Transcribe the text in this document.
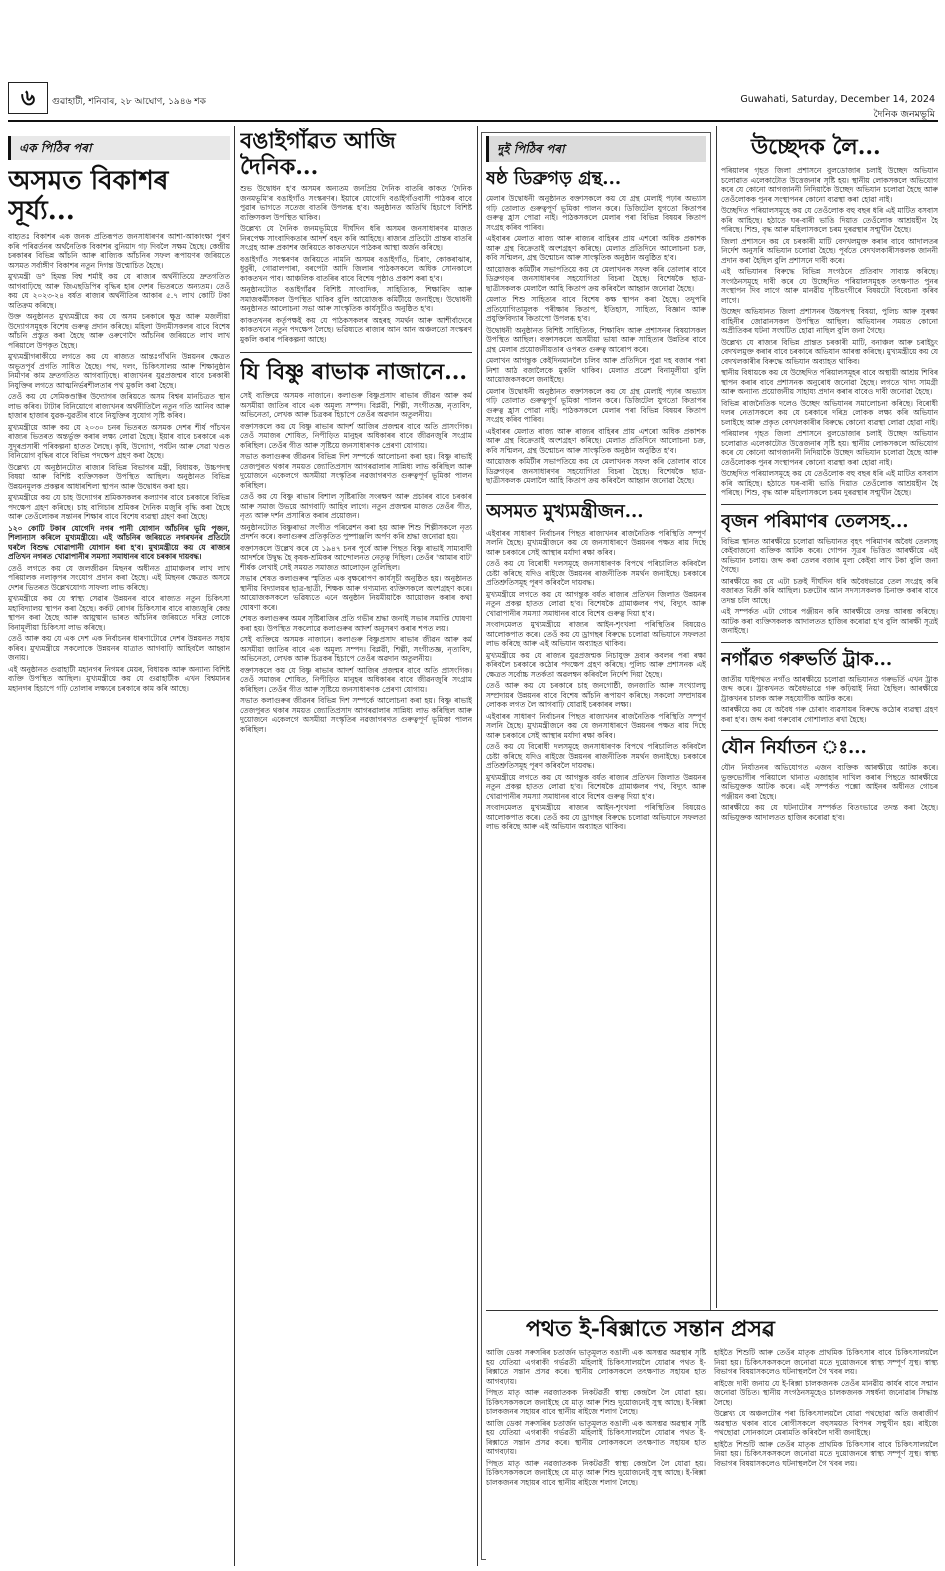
৬	গুৱাহাটী, শনিবাৰ, ২৮ আঘোণ, ১৯৪৬ শক	Guwahati, Saturday, December 14, 2024
দৈনিক জনমভূমি
এক পিঠিৰ পৰা
অসমত বিকাশৰ সূৰ্য্য...

বাহ্যতঃ বিকাশৰ এক জনক প্ৰতিৰূপত জনসাধাৰণৰ আশা-আকাংক্ষা পূৰণ কৰি পৰিৱৰ্তনৰ অৰ্থনৈতিক বিকাশৰ বুনিয়াদ গঢ় দিবলৈ সক্ষম হৈছে। কেন্দ্ৰীয় চৰকাৰৰ বিভিন্ন আঁচনি আৰু ৰাজ্যিক আঁচনিৰ সফল ৰূপায়ণৰ জৰিয়তে অসমত সৰ্বাঙ্গীণ বিকাশৰ নতুন দিগন্ত উন্মোচিত হৈছে।

মুখ্যমন্ত্ৰী ড° হিমন্ত বিশ্ব শৰ্মাই কয় যে ৰাজ্যৰ অৰ্থনীতিয়ে দ্ৰুতগতিত আগবাঢ়িছে আৰু জিএছডিপিৰ বৃদ্ধিৰ হাৰ দেশৰ ভিতৰতে অন্যতম। তেওঁ কয় যে ২০২৩-২৪ বৰ্ষত ৰাজ্যৰ অৰ্থনীতিৰ আকাৰ ৫.৭ লাখ কোটি টকা অতিক্ৰম কৰিছে।

উক্ত অনুষ্ঠানত মুখ্যমন্ত্ৰীয়ে কয় যে অসম চৰকাৰে ক্ষুদ্ৰ আৰু মজলীয়া উদ্যোগসমূহক বিশেষ গুৰুত্ব প্ৰদান কৰিছে। মহিলা উদ্যমীসকলৰ বাবে বিশেষ আঁচনি প্ৰস্তুত কৰা হৈছে আৰু ওৰুণোদৈ আঁচনিৰ জৰিয়তে লাখ লাখ পৰিয়ালে উপকৃত হৈছে।

মুখ্যমন্ত্ৰীগৰাকীয়ে লগতে কয় যে ৰাজ্যত আন্তঃগাঁথনি উন্নয়নৰ ক্ষেত্ৰত অভূতপূৰ্ব প্ৰগতি সাধিত হৈছে। পথ, দলং, চিকিৎসালয় আৰু শিক্ষানুষ্ঠান নিৰ্মাণৰ কাম দ্ৰুতগতিত আগবাঢ়িছে। ৰাজ্যখনৰ যুৱপ্ৰজন্মৰ বাবে চৰকাৰী নিযুক্তিৰ লগতে আত্মনিৰ্ভৰশীলতাৰ পথ মুকলি কৰা হৈছে।

তেওঁ কয় যে সেমিকণ্ডাক্টৰ উদ্যোগৰ জৰিয়তে অসম বিশ্বৰ মানচিত্ৰত স্থান লাভ কৰিব। টাটাৰ বিনিয়োগে ৰাজ্যখনৰ অৰ্থনীতিলৈ নতুন গতি আনিব আৰু হাজাৰ হাজাৰ যুৱক-যুৱতীৰ বাবে নিযুক্তিৰ সুযোগ সৃষ্টি কৰিব।

মুখ্যমন্ত্ৰীয়ে আৰু কয় যে ২০৩০ চনৰ ভিতৰত অসমক দেশৰ শীৰ্ষ পাঁচখন ৰাজ্যৰ ভিতৰত অন্তৰ্ভুক্ত কৰাৰ লক্ষ্য লোৱা হৈছে। ইয়াৰ বাবে চৰকাৰে এক সুদূৰপ্ৰসাৰী পৰিকল্পনা হাতত লৈছে। কৃষি, উদ্যোগ, পৰ্যটন আৰু সেৱা খণ্ডত বিনিয়োগ বৃদ্ধিৰ বাবে বিভিন্ন পদক্ষেপ গ্ৰহণ কৰা হৈছে।

উল্লেখ্য যে অনুষ্ঠানটোত ৰাজ্যৰ বিভিন্ন বিভাগৰ মন্ত্ৰী, বিধায়ক, উচ্চপদস্থ বিষয়া আৰু বিশিষ্ট ব্যক্তিসকল উপস্থিত আছিল। অনুষ্ঠানত বিভিন্ন উন্নয়নমূলক প্ৰকল্পৰ আধাৰশিলা স্থাপন আৰু উদ্বোধন কৰা হয়।

মুখ্যমন্ত্ৰীয়ে কয় যে চাহ উদ্যোগৰ শ্ৰমিকসকলৰ কল্যাণৰ বাবে চৰকাৰে বিভিন্ন পদক্ষেপ গ্ৰহণ কৰিছে। চাহ বাগিচাৰ শ্ৰমিকৰ দৈনিক মজুৰি বৃদ্ধি কৰা হৈছে আৰু তেওঁলোকৰ সন্তানৰ শিক্ষাৰ বাবে বিশেষ ব্যৱস্থা গ্ৰহণ কৰা হৈছে।

১২০ কোটি টকাৰ যোগেদি নগৰ পানী যোগান আঁচনিৰ ভূমি পূজন, শিলান্যাস কৰিলে মুখ্যমন্ত্ৰীয়ে। এই আঁচনিৰ জৰিয়তে নগৰখনৰ প্ৰতিটো ঘৰলৈ বিশুদ্ধ খোৱাপানী যোগান ধৰা হ'ব। মুখ্যমন্ত্ৰীয়ে কয় যে ৰাজ্যৰ প্ৰতিখন নগৰত খোৱাপানীৰ সমস্যা সমাধানৰ বাবে চৰকাৰ দায়বদ্ধ।

তেওঁ লগতে কয় যে জলজীৱন মিছনৰ অধীনত গ্ৰামাঞ্চলৰ লাখ লাখ পৰিয়ালক নলাকৃপৰ সংযোগ প্ৰদান কৰা হৈছে। এই মিছনৰ ক্ষেত্ৰত অসমে দেশৰ ভিতৰত উল্লেখযোগ্য সাফল্য লাভ কৰিছে।

মুখ্যমন্ত্ৰীয়ে কয় যে স্বাস্থ্য সেৱাৰ উন্নয়নৰ বাবে ৰাজ্যত নতুন চিকিৎসা মহাবিদ্যালয় স্থাপন কৰা হৈছে। কৰ্কট ৰোগৰ চিকিৎসাৰ বাবে ৰাজ্যজুৰি কেন্দ্ৰ স্থাপন কৰা হৈছে আৰু আয়ুষ্মান ভাৰত আঁচনিৰ জৰিয়তে দৰিদ্ৰ লোকে বিনামূলীয়া চিকিৎসা লাভ কৰিছে।

তেওঁ আৰু কয় যে এক দেশ এক নিৰ্বাচনৰ ধাৰণাটোৱে দেশৰ উন্নয়নত সহায় কৰিব। মুখ্যমন্ত্ৰীয়ে সকলোকে উন্নয়নৰ যাত্ৰাত আগবাঢ়ি আহিবলৈ আহ্বান জনায়।

এই অনুষ্ঠানত গুৱাহাটী মহানগৰ নিগমৰ মেয়ৰ, বিধায়ক আৰু অন্যান্য বিশিষ্ট ব্যক্তি উপস্থিত আছিল। মুখ্যমন্ত্ৰীয়ে কয় যে গুৱাহাটীক এখন বিশ্বমানৰ মহানগৰ হিচাপে গঢ়ি তোলাৰ লক্ষ্যৰে চৰকাৰে কাম কৰি আছে।

বঙাইগাঁৱত আজি দৈনিক...

শুভ উদ্বোধন হ'ব অসমৰ অন্যতম জনপ্ৰিয় দৈনিক বাতৰি কাকত 'দৈনিক জনমভূমি'ৰ বঙাইগাঁও সংস্কৰণৰ। ইয়াৰে যোগেদি বঙাইগাঁওবাসী পাঠকৰ বাবে পুৱাৰ ভাগতে সতেজ বাতৰি উপলব্ধ হ'ব। অনুষ্ঠানত অতিথি হিচাপে বিশিষ্ট ব্যক্তিসকল উপস্থিত থাকিব।

উল্লেখ্য যে দৈনিক জনমভূমিয়ে দীৰ্ঘদিন ধৰি অসমৰ জনসাধাৰণৰ মাজত নিৰপেক্ষ সাংবাদিকতাৰ আদৰ্শ বহন কৰি আহিছে। ৰাজ্যৰ প্ৰতিটো প্ৰান্তৰ বাতৰি সংগ্ৰহ আৰু প্ৰকাশৰ জৰিয়তে কাকতখনে পাঠকৰ আস্থা অৰ্জন কৰিছে।

বঙাইগাঁও সংস্কৰণৰ জৰিয়তে নামনি অসমৰ বঙাইগাঁও, চিৰাং, কোকৰাঝাৰ, ধুবুৰী, গোৱালপাৰা, বৰপেটা আদি জিলাৰ পাঠকসকলে অধিক সোনকালে কাকতখন পাব। আঞ্চলিক বাতৰিৰ বাবে বিশেষ পৃষ্ঠাও প্ৰকাশ কৰা হ'ব।

অনুষ্ঠানটোত বঙাইগাঁৱৰ বিশিষ্ট সাংবাদিক, সাহিত্যিক, শিক্ষাবিদ আৰু সমাজকৰ্মীসকল উপস্থিত থাকিব বুলি আয়োজক কমিটীয়ে জনাইছে। উদ্বোধনী অনুষ্ঠানত আলোচনা সভা আৰু সাংস্কৃতিক কাৰ্যসূচীও অনুষ্ঠিত হ'ব।

কাকতখনৰ কৰ্তৃপক্ষই কয় যে পাঠকসকলৰ অহৰহ সমৰ্থন আৰু আশীৰ্বাদেৰে কাকতখনে নতুন পদক্ষেপ লৈছে। ভৱিষ্যতে ৰাজ্যৰ আন আন অঞ্চলতো সংস্কৰণ মুকলি কৰাৰ পৰিকল্পনা আছে।

যি বিষ্ণু ৰাভাক নাজানে...

সেই ব্যক্তিয়ে অসমক নাজানে। কলাগুৰু বিষ্ণুপ্ৰসাদ ৰাভাৰ জীৱন আৰু কৰ্ম অসমীয়া জাতিৰ বাবে এক অমূল্য সম্পদ। বিপ্লৱী, শিল্পী, সংগীতজ্ঞ, নৃত্যবিদ, অভিনেতা, লেখক আৰু চিত্ৰকৰ হিচাপে তেওঁৰ অৱদান অতুলনীয়।

বক্তাসকলে কয় যে বিষ্ণু ৰাভাৰ আদৰ্শ আজিৰ প্ৰজন্মৰ বাবে অতি প্ৰাসংগিক। তেওঁ সমাজৰ শোষিত, নিপীড়িত মানুহৰ অধিকাৰৰ বাবে জীৱনজুৰি সংগ্ৰাম কৰিছিল। তেওঁৰ গীত আৰু সৃষ্টিয়ে জনসাধাৰণক প্ৰেৰণা যোগায়।

সভাত কলাগুৰুৰ জীৱনৰ বিভিন্ন দিশ সম্পৰ্কে আলোচনা কৰা হয়। বিষ্ণু ৰাভাই তেজপুৰত থকাৰ সময়ত জ্যোতিপ্ৰসাদ আগৰৱালাৰ সান্নিধ্য লাভ কৰিছিল আৰু দুয়োজনে একেলগে অসমীয়া সংস্কৃতিৰ নৱজাগৰণত গুৰুত্বপূৰ্ণ ভূমিকা পালন কৰিছিল।

তেওঁ কয় যে বিষ্ণু ৰাভাৰ বিশাল সৃষ্টিৰাজি সংৰক্ষণ আৰু প্ৰচাৰৰ বাবে চৰকাৰ আৰু সমাজ উভয়ে আগবাঢ়ি আহিব লাগে। নতুন প্ৰজন্মৰ মাজত তেওঁৰ গীত, নৃত্য আৰু দৰ্শন প্ৰসাৰিত কৰাৰ প্ৰয়োজন।

অনুষ্ঠানটোত বিষ্ণুৰাভা সংগীত পৰিৱেশন কৰা হয় আৰু শিশু শিল্পীসকলে নৃত্য প্ৰদৰ্শন কৰে। কলাগুৰুৰ প্ৰতিকৃতিত পুষ্পাঞ্জলি অৰ্পণ কৰি শ্ৰদ্ধা জনোৱা হয়।

বক্তাসকলে উল্লেখ কৰে যে ১৯৪৭ চনৰ পূৰ্বে আৰু পিছত বিষ্ণু ৰাভাই সাম্যবাদী আদৰ্শৰে উদ্বুদ্ধ হৈ কৃষক-শ্ৰমিকৰ আন্দোলনত নেতৃত্ব দিছিল। তেওঁৰ 'আমাৰ বাট' শীৰ্ষক লেখাই সেই সময়ত সমাজত আলোড়ন তুলিছিল।

সভাৰ শেষত কলাগুৰুৰ স্মৃতিত এক বৃক্ষৰোপণ কাৰ্যসূচী অনুষ্ঠিত হয়। অনুষ্ঠানত স্থানীয় বিদ্যালয়ৰ ছাত্ৰ-ছাত্ৰী, শিক্ষক আৰু গণ্যমান্য ব্যক্তিসকলে অংশগ্ৰহণ কৰে। আয়োজকসকলে ভৱিষ্যতে এনে অনুষ্ঠান নিয়মীয়াকৈ আয়োজন কৰাৰ কথা ঘোষণা কৰে।

শেষত কলাগুৰুৰ অমৰ সৃষ্টিৰাজিৰ প্ৰতি গভীৰ শ্ৰদ্ধা জনাই সভাৰ সমাপ্তি ঘোষণা কৰা হয়। উপস্থিত সকলোৱে কলাগুৰুৰ আদৰ্শ অনুসৰণ কৰাৰ শপত লয়।

সেই ব্যক্তিয়ে অসমক নাজানে। কলাগুৰু বিষ্ণুপ্ৰসাদ ৰাভাৰ জীৱন আৰু কৰ্ম অসমীয়া জাতিৰ বাবে এক অমূল্য সম্পদ। বিপ্লৱী, শিল্পী, সংগীতজ্ঞ, নৃত্যবিদ, অভিনেতা, লেখক আৰু চিত্ৰকৰ হিচাপে তেওঁৰ অৱদান অতুলনীয়।

বক্তাসকলে কয় যে বিষ্ণু ৰাভাৰ আদৰ্শ আজিৰ প্ৰজন্মৰ বাবে অতি প্ৰাসংগিক। তেওঁ সমাজৰ শোষিত, নিপীড়িত মানুহৰ অধিকাৰৰ বাবে জীৱনজুৰি সংগ্ৰাম কৰিছিল। তেওঁৰ গীত আৰু সৃষ্টিয়ে জনসাধাৰণক প্ৰেৰণা যোগায়।

সভাত কলাগুৰুৰ জীৱনৰ বিভিন্ন দিশ সম্পৰ্কে আলোচনা কৰা হয়। বিষ্ণু ৰাভাই তেজপুৰত থকাৰ সময়ত জ্যোতিপ্ৰসাদ আগৰৱালাৰ সান্নিধ্য লাভ কৰিছিল আৰু দুয়োজনে একেলগে অসমীয়া সংস্কৃতিৰ নৱজাগৰণত গুৰুত্বপূৰ্ণ ভূমিকা পালন কৰিছিল।

দুই পিঠিৰ পৰা
ষষ্ঠ ডিব্ৰুগড় গ্ৰন্থ...

মেলাৰ উদ্বোধনী অনুষ্ঠানত বক্তাসকলে কয় যে গ্ৰন্থ মেলাই পঢ়াৰ অভ্যাস গঢ়ি তোলাত গুৰুত্বপূৰ্ণ ভূমিকা পালন কৰে। ডিজিটেল যুগতো কিতাপৰ গুৰুত্ব হ্ৰাস পোৱা নাই। পাঠকসকলে মেলাৰ পৰা বিভিন্ন বিষয়ৰ কিতাপ সংগ্ৰহ কৰিব পাৰিব।

এইবাৰৰ মেলাত ৰাজ্য আৰু ৰাজ্যৰ বাহিৰৰ প্ৰায় এশৰো অধিক প্ৰকাশক আৰু গ্ৰন্থ বিক্ৰেতাই অংশগ্ৰহণ কৰিছে। মেলাত প্ৰতিদিনে আলোচনা চক্ৰ, কবি সন্মিলন, গ্ৰন্থ উন্মোচন আৰু সাংস্কৃতিক অনুষ্ঠান অনুষ্ঠিত হ'ব।

আয়োজক কমিটীৰ সভাপতিয়ে কয় যে মেলাখনক সফল কৰি তোলাৰ বাবে ডিব্ৰুগড়ৰ জনসাধাৰণৰ সহযোগিতা বিচৰা হৈছে। বিশেষকৈ ছাত্ৰ-ছাত্ৰীসকলক মেলালৈ আহি কিতাপ ক্ৰয় কৰিবলৈ আহ্বান জনোৱা হৈছে।

মেলাত শিশু সাহিত্যৰ বাবে বিশেষ কক্ষ স্থাপন কৰা হৈছে। তদুপৰি প্ৰতিযোগিতামূলক পৰীক্ষাৰ কিতাপ, ইতিহাস, সাহিত্য, বিজ্ঞান আৰু প্ৰযুক্তিবিদ্যাৰ কিতাপো উপলব্ধ হ'ব।

উদ্বোধনী অনুষ্ঠানত বিশিষ্ট সাহিত্যিক, শিক্ষাবিদ আৰু প্ৰশাসনৰ বিষয়াসকল উপস্থিত আছিল। বক্তাসকলে অসমীয়া ভাষা আৰু সাহিত্যৰ উন্নতিৰ বাবে গ্ৰন্থ মেলাৰ প্ৰয়োজনীয়তাৰ ওপৰত গুৰুত্ব আৰোপ কৰে।

মেলাখন আগন্তুক কেইদিনমানলৈ চলিব আৰু প্ৰতিদিনে পুৱা দহ বজাৰ পৰা নিশা আঠ বজালৈকে মুকলি থাকিব। মেলাত প্ৰৱেশ বিনামূলীয়া বুলি আয়োজকসকলে জনাইছে।

মেলাৰ উদ্বোধনী অনুষ্ঠানত বক্তাসকলে কয় যে গ্ৰন্থ মেলাই পঢ়াৰ অভ্যাস গঢ়ি তোলাত গুৰুত্বপূৰ্ণ ভূমিকা পালন কৰে। ডিজিটেল যুগতো কিতাপৰ গুৰুত্ব হ্ৰাস পোৱা নাই। পাঠকসকলে মেলাৰ পৰা বিভিন্ন বিষয়ৰ কিতাপ সংগ্ৰহ কৰিব পাৰিব।

এইবাৰৰ মেলাত ৰাজ্য আৰু ৰাজ্যৰ বাহিৰৰ প্ৰায় এশৰো অধিক প্ৰকাশক আৰু গ্ৰন্থ বিক্ৰেতাই অংশগ্ৰহণ কৰিছে। মেলাত প্ৰতিদিনে আলোচনা চক্ৰ, কবি সন্মিলন, গ্ৰন্থ উন্মোচন আৰু সাংস্কৃতিক অনুষ্ঠান অনুষ্ঠিত হ'ব।

আয়োজক কমিটীৰ সভাপতিয়ে কয় যে মেলাখনক সফল কৰি তোলাৰ বাবে ডিব্ৰুগড়ৰ জনসাধাৰণৰ সহযোগিতা বিচৰা হৈছে। বিশেষকৈ ছাত্ৰ-ছাত্ৰীসকলক মেলালৈ আহি কিতাপ ক্ৰয় কৰিবলৈ আহ্বান জনোৱা হৈছে।

অসমত মুখ্যমন্ত্ৰীজন...

এইবাৰৰ সাধাৰণ নিৰ্বাচনৰ পিছত ৰাজ্যখনৰ ৰাজনৈতিক পৰিস্থিতি সম্পূৰ্ণ সলনি হৈছে। মুখ্যমন্ত্ৰীজনে কয় যে জনসাধাৰণে উন্নয়নৰ পক্ষত ৰায় দিছে আৰু চৰকাৰে সেই আস্থাৰ মৰ্যাদা ৰক্ষা কৰিব।

তেওঁ কয় যে বিৰোধী দলসমূহে জনসাধাৰণক বিপথে পৰিচালিত কৰিবলৈ চেষ্টা কৰিছে যদিও ৰাইজে উন্নয়নৰ ৰাজনীতিক সমৰ্থন জনাইছে। চৰকাৰে প্ৰতিশ্ৰুতিসমূহ পূৰণ কৰিবলৈ দায়বদ্ধ।

মুখ্যমন্ত্ৰীয়ে লগতে কয় যে আগন্তুক বৰ্ষত ৰাজ্যৰ প্ৰতিখন জিলাত উন্নয়নৰ নতুন প্ৰকল্প হাতত লোৱা হ'ব। বিশেষকৈ গ্ৰামাঞ্চলৰ পথ, বিদ্যুৎ আৰু খোৱাপানীৰ সমস্যা সমাধানৰ বাবে বিশেষ গুৰুত্ব দিয়া হ'ব।

সংবাদমেলত মুখ্যমন্ত্ৰীয়ে ৰাজ্যৰ আইন-শৃংখলা পৰিস্থিতিৰ বিষয়েও আলোকপাত কৰে। তেওঁ কয় যে ড্ৰাগছৰ বিৰুদ্ধে চলোৱা অভিযানে সফলতা লাভ কৰিছে আৰু এই অভিযান অব্যাহত থাকিব।

মুখ্যমন্ত্ৰীয়ে কয় যে ৰাজ্যৰ যুৱপ্ৰজন্মক নিচাযুক্ত দ্ৰব্যৰ কবলৰ পৰা ৰক্ষা কৰিবলৈ চৰকাৰে কঠোৰ পদক্ষেপ গ্ৰহণ কৰিছে। পুলিচ আৰু প্ৰশাসনক এই ক্ষেত্ৰত সৰ্বোচ্চ সতৰ্কতা অৱলম্বন কৰিবলৈ নিৰ্দেশ দিয়া হৈছে।

তেওঁ আৰু কয় যে চৰকাৰে চাহ জনগোষ্ঠী, জনজাতি আৰু সংখ্যালঘু সম্প্ৰদায়ৰ উন্নয়নৰ বাবে বিশেষ আঁচনি ৰূপায়ণ কৰিছে। সকলো সম্প্ৰদায়ৰ লোকক লগত লৈ আগবাঢ়ি যোৱাই চৰকাৰৰ লক্ষ্য।

এইবাৰৰ সাধাৰণ নিৰ্বাচনৰ পিছত ৰাজ্যখনৰ ৰাজনৈতিক পৰিস্থিতি সম্পূৰ্ণ সলনি হৈছে। মুখ্যমন্ত্ৰীজনে কয় যে জনসাধাৰণে উন্নয়নৰ পক্ষত ৰায় দিছে আৰু চৰকাৰে সেই আস্থাৰ মৰ্যাদা ৰক্ষা কৰিব।

তেওঁ কয় যে বিৰোধী দলসমূহে জনসাধাৰণক বিপথে পৰিচালিত কৰিবলৈ চেষ্টা কৰিছে যদিও ৰাইজে উন্নয়নৰ ৰাজনীতিক সমৰ্থন জনাইছে। চৰকাৰে প্ৰতিশ্ৰুতিসমূহ পূৰণ কৰিবলৈ দায়বদ্ধ।

মুখ্যমন্ত্ৰীয়ে লগতে কয় যে আগন্তুক বৰ্ষত ৰাজ্যৰ প্ৰতিখন জিলাত উন্নয়নৰ নতুন প্ৰকল্প হাতত লোৱা হ'ব। বিশেষকৈ গ্ৰামাঞ্চলৰ পথ, বিদ্যুৎ আৰু খোৱাপানীৰ সমস্যা সমাধানৰ বাবে বিশেষ গুৰুত্ব দিয়া হ'ব।

সংবাদমেলত মুখ্যমন্ত্ৰীয়ে ৰাজ্যৰ আইন-শৃংখলা পৰিস্থিতিৰ বিষয়েও আলোকপাত কৰে। তেওঁ কয় যে ড্ৰাগছৰ বিৰুদ্ধে চলোৱা অভিযানে সফলতা লাভ কৰিছে আৰু এই অভিযান অব্যাহত থাকিব।

পথত ই-ৰিক্সাতে সন্তান প্ৰসৱ

আজি ডেকা সৰুসৰিৰ চতাৰ্জন ভাতৃমূলত বঙালী এক অসম্ভৱ অৱস্থাৰ সৃষ্টি হয় যেতিয়া এগৰাকী গৰ্ভৱতী মহিলাই চিকিৎসালয়লৈ যোৱাৰ পথত ই-ৰিক্সাতে সন্তান প্ৰসৱ কৰে। স্থানীয় লোকসকলে তৎক্ষণাত সহায়ৰ হাত আগবঢ়ায়।

পিছত মাতৃ আৰু নৱজাতকক নিকটৱৰ্তী স্বাস্থ্য কেন্দ্ৰলৈ লৈ যোৱা হয়। চিকিৎসকসকলে জনাইছে যে মাতৃ আৰু শিশু দুয়োজনেই সুস্থ আছে। ই-ৰিক্সা চালকজনৰ সহায়ৰ বাবে স্থানীয় ৰাইজে শলাগ লৈছে।

আজি ডেকা সৰুসৰিৰ চতাৰ্জন ভাতৃমূলত বঙালী এক অসম্ভৱ অৱস্থাৰ সৃষ্টি হয় যেতিয়া এগৰাকী গৰ্ভৱতী মহিলাই চিকিৎসালয়লৈ যোৱাৰ পথত ই-ৰিক্সাতে সন্তান প্ৰসৱ কৰে। স্থানীয় লোকসকলে তৎক্ষণাত সহায়ৰ হাত আগবঢ়ায়।

পিছত মাতৃ আৰু নৱজাতকক নিকটৱৰ্তী স্বাস্থ্য কেন্দ্ৰলৈ লৈ যোৱা হয়। চিকিৎসকসকলে জনাইছে যে মাতৃ আৰু শিশু দুয়োজনেই সুস্থ আছে। ই-ৰিক্সা চালকজনৰ সহায়ৰ বাবে স্থানীয় ৰাইজে শলাগ লৈছে।

হাইতৈ শিশুটি আৰু তেওঁৰ মাতৃক প্ৰাথমিক চিকিৎসাৰ বাবে চিকিৎসালয়লৈ নিয়া হয়। চিকিৎসকসকলে জনোৱা মতে দুয়োজনৰে স্বাস্থ্য সম্পূৰ্ণ সুস্থ। স্বাস্থ্য বিভাগৰ বিষয়াসকলেও ঘটনাস্থললৈ গৈ খবৰ লয়।

ৰাইজে দাবী জনায় যে ই-ৰিক্সা চালকজনক তেওঁৰ মানৱীয় কাৰ্যৰ বাবে সন্মান জনোৱা উচিত। স্থানীয় সংগঠনসমূহেও চালকজনক সম্বৰ্ধনা জনোৱাৰ সিদ্ধান্ত লৈছে।

উল্লেখ্য যে অঞ্চলটোৰ পৰা চিকিৎসালয়লৈ যোৱা পথছোৱা অতি জৰাজীৰ্ণ অৱস্থাত থকাৰ বাবে ৰোগীসকলে বহুসময়ত বিপদৰ সন্মুখীন হয়। ৰাইজে পথছোৱা সোনকালে মেৰামতি কৰিবলৈ দাবী জনাইছে।

হাইতৈ শিশুটি আৰু তেওঁৰ মাতৃক প্ৰাথমিক চিকিৎসাৰ বাবে চিকিৎসালয়লৈ নিয়া হয়। চিকিৎসকসকলে জনোৱা মতে দুয়োজনৰে স্বাস্থ্য সম্পূৰ্ণ সুস্থ। স্বাস্থ্য বিভাগৰ বিষয়াসকলেও ঘটনাস্থললৈ গৈ খবৰ লয়।

উচ্ছেদক লৈ...

পৰিয়ালৰ গৃহত জিলা প্ৰশাসনে বুলডোজাৰ চলাই উচ্ছেদ অভিযান চলোৱাত এলেকাটোত উত্তেজনাৰ সৃষ্টি হয়। স্থানীয় লোকসকলে অভিযোগ কৰে যে কোনো আগজাননী নিদিয়াকৈ উচ্ছেদ অভিযান চলোৱা হৈছে আৰু তেওঁলোকক পুনৰ সংস্থাপনৰ কোনো ব্যৱস্থা কৰা হোৱা নাই।

উচ্ছেদিত পৰিয়ালসমূহে কয় যে তেওঁলোক বহু বছৰ ধৰি এই মাটিত বসবাস কৰি আহিছে। হঠাতে ঘৰ-বাৰী ভাঙি দিয়াত তেওঁলোক আশ্ৰয়হীন হৈ পৰিছে। শিশু, বৃদ্ধ আৰু মহিলাসকলে চৰম দুৰৱস্থাৰ সন্মুখীন হৈছে।

জিলা প্ৰশাসনে কয় যে চৰকাৰী মাটি বেদখলমুক্ত কৰাৰ বাবে আদালতৰ নিৰ্দেশ অনুসৰি অভিযান চলোৱা হৈছে। পূৰ্বতে বেদখলকাৰীসকলক জাননী প্ৰদান কৰা হৈছিল বুলি প্ৰশাসনে দাবী কৰে।

এই অভিযানৰ বিৰুদ্ধে বিভিন্ন সংগঠনে প্ৰতিবাদ সাব্যস্ত কৰিছে। সংগঠনসমূহে দাবী কৰে যে উচ্ছেদিত পৰিয়ালসমূহক তৎক্ষণাত পুনৰ সংস্থাপন দিব লাগে আৰু মানৱীয় দৃষ্টিভংগীৰে বিষয়টো বিবেচনা কৰিব লাগে।

উচ্ছেদ অভিযানত জিলা প্ৰশাসনৰ উচ্চপদস্থ বিষয়া, পুলিচ আৰু সুৰক্ষা বাহিনীৰ জোৱানসকল উপস্থিত আছিল। অভিযানৰ সময়ত কোনো অপ্ৰীতিকৰ ঘটনা সংঘটিত হোৱা নাছিল বুলি জনা গৈছে।

উল্লেখ্য যে ৰাজ্যৰ বিভিন্ন প্ৰান্তত চৰকাৰী মাটি, বনাঞ্চল আৰু চৰাইচুং বেদখলমুক্ত কৰাৰ বাবে চৰকাৰে অভিযান আৰম্ভ কৰিছে। মুখ্যমন্ত্ৰীয়ে কয় যে বেদখলকাৰীৰ বিৰুদ্ধে অভিযান অব্যাহত থাকিব।

স্থানীয় বিধায়কে কয় যে উচ্ছেদিত পৰিয়ালসমূহৰ বাবে অস্থায়ী আশ্ৰয় শিবিৰ স্থাপন কৰাৰ বাবে প্ৰশাসনক অনুৰোধ জনোৱা হৈছে। লগতে খাদ্য সামগ্ৰী আৰু অন্যান্য প্ৰয়োজনীয় সাহায্য প্ৰদান কৰাৰ বাবেও দাবী জনোৱা হৈছে।

বিভিন্ন ৰাজনৈতিক দলেও উচ্ছেদ অভিযানৰ সমালোচনা কৰিছে। বিৰোধী দলৰ নেতাসকলে কয় যে চৰকাৰে দৰিদ্ৰ লোকক লক্ষ্য কৰি অভিযান চলাইছে আৰু প্ৰকৃত বেদখলকাৰীৰ বিৰুদ্ধে কোনো ব্যৱস্থা লোৱা হোৱা নাই।

পৰিয়ালৰ গৃহত জিলা প্ৰশাসনে বুলডোজাৰ চলাই উচ্ছেদ অভিযান চলোৱাত এলেকাটোত উত্তেজনাৰ সৃষ্টি হয়। স্থানীয় লোকসকলে অভিযোগ কৰে যে কোনো আগজাননী নিদিয়াকৈ উচ্ছেদ অভিযান চলোৱা হৈছে আৰু তেওঁলোকক পুনৰ সংস্থাপনৰ কোনো ব্যৱস্থা কৰা হোৱা নাই।

উচ্ছেদিত পৰিয়ালসমূহে কয় যে তেওঁলোক বহু বছৰ ধৰি এই মাটিত বসবাস কৰি আহিছে। হঠাতে ঘৰ-বাৰী ভাঙি দিয়াত তেওঁলোক আশ্ৰয়হীন হৈ পৰিছে। শিশু, বৃদ্ধ আৰু মহিলাসকলে চৰম দুৰৱস্থাৰ সন্মুখীন হৈছে।

বৃজন পৰিমাণৰ তেলসহ...

বিভিন্ন স্থানত আৰক্ষীয়ে চলোৱা অভিযানত বৃহৎ পৰিমাণৰ অবৈধ তেলসহ কেইবাজনো ব্যক্তিক আটক কৰে। গোপন সূত্ৰৰ ভিত্তিত আৰক্ষীয়ে এই অভিযান চলায়। জব্দ কৰা তেলৰ বজাৰ মূল্য কেইবা লাখ টকা বুলি জনা গৈছে।

আৰক্ষীয়ে কয় যে এটা চক্ৰই দীৰ্ঘদিন ধৰি অবৈধভাৱে তেল সংগ্ৰহ কৰি বজাৰত বিক্ৰী কৰি আছিল। চক্ৰটোৰ আন সদস্যসকলক চিনাক্ত কৰাৰ বাবে তদন্ত চলি আছে।

এই সম্পৰ্কত এটা গোচৰ পঞ্জীয়ন কৰি আৰক্ষীয়ে তদন্ত আৰম্ভ কৰিছে। আটক কৰা ব্যক্তিসকলক আদালতত হাজিৰ কৰোৱা হ'ব বুলি আৰক্ষী সূত্ৰই জনাইছে।

নগাঁৱত গৰুভৰ্তি ট্ৰাক...

জাতীয় ঘাইপথত নগাঁও আৰক্ষীয়ে চলোৱা অভিযানত গৰুভৰ্তি এখন ট্ৰাক জব্দ কৰে। ট্ৰাকখনত অবৈধভাৱে গৰু কঢ়িয়াই নিয়া হৈছিল। আৰক্ষীয়ে ট্ৰাকখনৰ চালক আৰু সহযোগীক আটক কৰে।

আৰক্ষীয়ে কয় যে অবৈধ গৰু চোৰাং ব্যৱসায়ৰ বিৰুদ্ধে কঠোৰ ব্যৱস্থা গ্ৰহণ কৰা হ'ব। জব্দ কৰা গৰুবোৰ গোশালাত ৰখা হৈছে।

যৌন নিৰ্যাতন ঃ...

যৌন নিৰ্যাতনৰ অভিযোগত এজন ব্যক্তিক আৰক্ষীয়ে আটক কৰে। ভুক্তভোগীৰ পৰিয়ালে থানাত এজাহাৰ দাখিল কৰাৰ পিছতে আৰক্ষীয়ে অভিযুক্তক আটক কৰে। এই সম্পৰ্কত পক্সো আইনৰ অধীনত গোচৰ পঞ্জীয়ন কৰা হৈছে।

আৰক্ষীয়ে কয় যে ঘটনাটোৰ সম্পৰ্কত বিতংভাৱে তদন্ত কৰা হৈছে। অভিযুক্তক আদালতত হাজিৰ কৰোৱা হ'ব।
